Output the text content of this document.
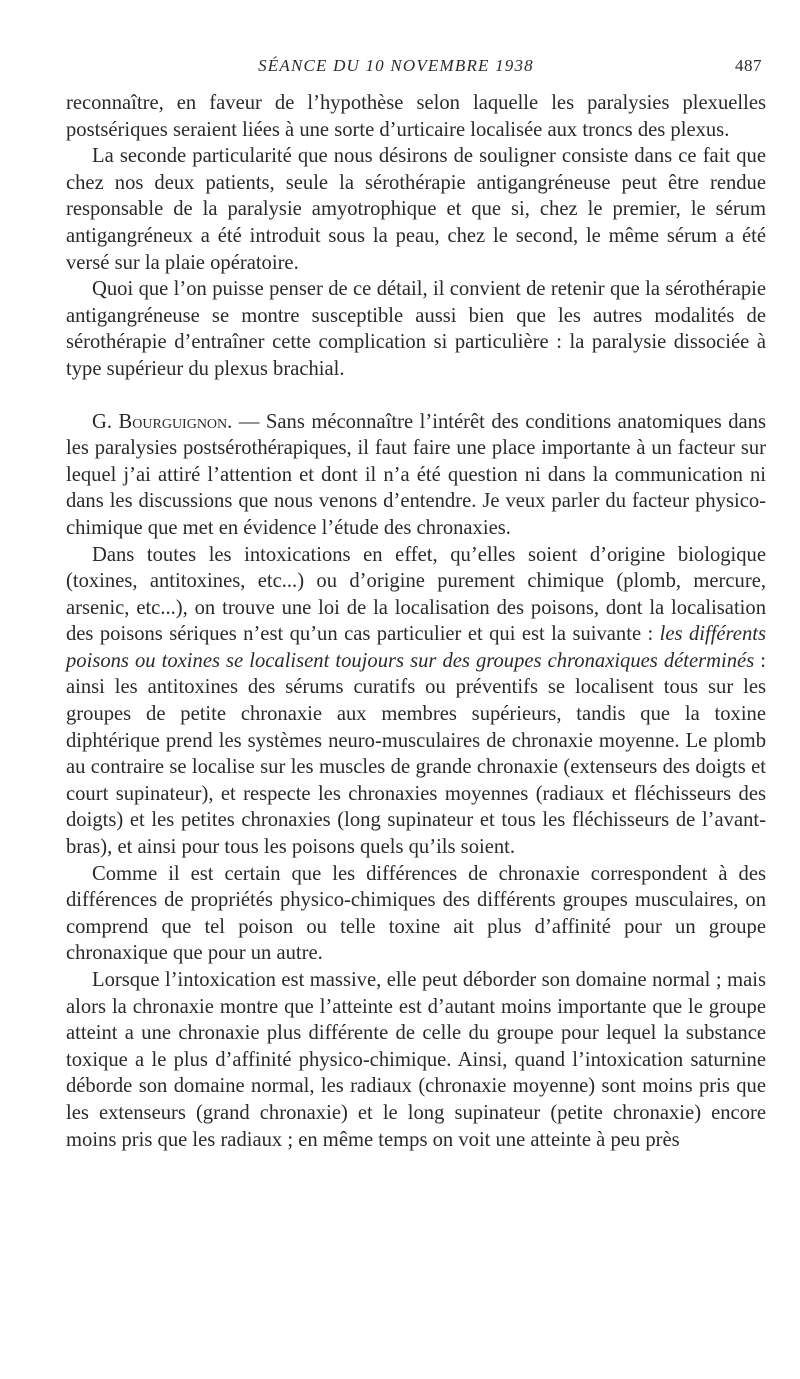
SÉANCE DU 10 NOVEMBRE 1938	487

reconnaître, en faveur de l’hypothèse selon laquelle les paralysies plexuelles postsériques seraient liées à une sorte d’urticaire localisée aux troncs des plexus.

La seconde particularité que nous désirons de souligner consiste dans ce fait que chez nos deux patients, seule la sérothérapie antigangréneuse peut être rendue responsable de la paralysie amyotrophique et que si, chez le premier, le sérum antigangréneux a été introduit sous la peau, chez le second, le même sérum a été versé sur la plaie opératoire.

Quoi que l’on puisse penser de ce détail, il convient de retenir que la sérothérapie antigangréneuse se montre susceptible aussi bien que les autres modalités de sérothérapie d’entraîner cette complication si particulière : la paralysie dissociée à type supérieur du plexus brachial.

G. Bourguignon. — Sans méconnaître l’intérêt des conditions anatomiques dans les paralysies postsérothérapiques, il faut faire une place importante à un facteur sur lequel j’ai attiré l’attention et dont il n’a été question ni dans la communication ni dans les discussions que nous venons d’entendre. Je veux parler du facteur physico-chimique que met en évidence l’étude des chronaxies.

Dans toutes les intoxications en effet, qu’elles soient d’origine biologique (toxines, antitoxines, etc...) ou d’origine purement chimique (plomb, mercure, arsenic, etc...), on trouve une loi de la localisation des poisons, dont la localisation des poisons sériques n’est qu’un cas particulier et qui est la suivante : les différents poisons ou toxines se localisent toujours sur des groupes chronaxiques déterminés : ainsi les antitoxines des sérums curatifs ou préventifs se localisent tous sur les groupes de petite chronaxie aux membres supérieurs, tandis que la toxine diphtérique prend les systèmes neuro-musculaires de chronaxie moyenne. Le plomb au contraire se localise sur les muscles de grande chronaxie (extenseurs des doigts et court supinateur), et respecte les chronaxies moyennes (radiaux et fléchisseurs des doigts) et les petites chronaxies (long supinateur et tous les fléchisseurs de l’avant-bras), et ainsi pour tous les poisons quels qu’ils soient.

Comme il est certain que les différences de chronaxie correspondent à des différences de propriétés physico-chimiques des différents groupes musculaires, on comprend que tel poison ou telle toxine ait plus d’affinité pour un groupe chronaxique que pour un autre.

Lorsque l’intoxication est massive, elle peut déborder son domaine normal ; mais alors la chronaxie montre que l’atteinte est d’autant moins importante que le groupe atteint a une chronaxie plus différente de celle du groupe pour lequel la substance toxique a le plus d’affinité physico-chimique. Ainsi, quand l’intoxication saturnine déborde son domaine normal, les radiaux (chronaxie moyenne) sont moins pris que les extenseurs (grand chronaxie) et le long supinateur (petite chronaxie) encore moins pris que les radiaux ; en même temps on voit une atteinte à peu près
